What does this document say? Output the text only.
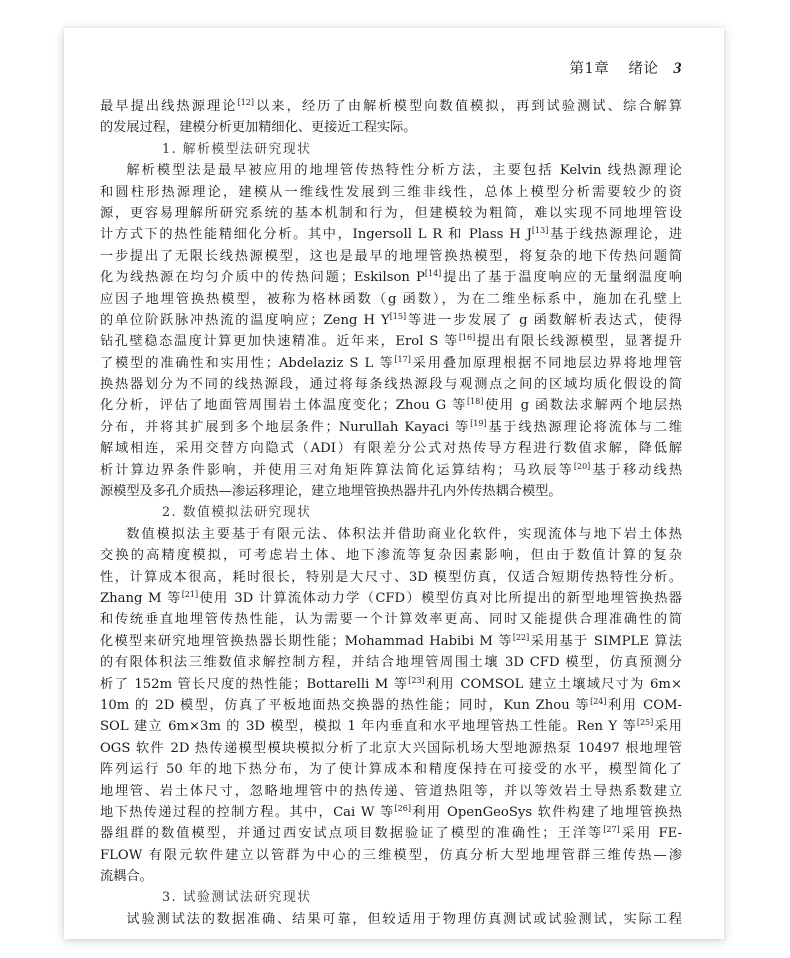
第1章 绪论 3
最早提出线热源理论[12]以来，经历了由解析模型向数值模拟，再到试验测试、综合解算
的发展过程，建模分析更加精细化、更接近工程实际。
1. 解析模型法研究现状
解析模型法是最早被应用的地埋管传热特性分析方法，主要包括 Kelvin 线热源理论
和圆柱形热源理论，建模从一维线性发展到三维非线性，总体上模型分析需要较少的资
源，更容易理解所研究系统的基本机制和行为，但建模较为粗简，难以实现不同地埋管设
计方式下的热性能精细化分析。其中，Ingersoll L R 和 Plass H J[13]基于线热源理论，进
一步提出了无限长线热源模型，这也是最早的地埋管换热模型，将复杂的地下传热问题简
化为线热源在均匀介质中的传热问题；Eskilson P[14]提出了基于温度响应的无量纲温度响
应因子地埋管换热模型，被称为格林函数（g 函数），为在二维坐标系中，施加在孔壁上
的单位阶跃脉冲热流的温度响应；Zeng H Y[15]等进一步发展了 g 函数解析表达式，使得
钻孔壁稳态温度计算更加快速精准。近年来，Erol S 等[16]提出有限长线源模型，显著提升
了模型的准确性和实用性；Abdelaziz S L 等[17]采用叠加原理根据不同地层边界将地埋管
换热器划分为不同的线热源段，通过将每条线热源段与观测点之间的区域均质化假设的简
化分析，评估了地面管周围岩土体温度变化；Zhou G 等[18]使用 g 函数法求解两个地层热
分布，并将其扩展到多个地层条件；Nurullah Kayaci 等[19]基于线热源理论将流体与二维
解域相连，采用交替方向隐式（ADI）有限差分公式对热传导方程进行数值求解，降低解
析计算边界条件影响，并使用三对角矩阵算法简化运算结构；马玖辰等[20]基于移动线热
源模型及多孔介质热—渗运移理论，建立地埋管换热器井孔内外传热耦合模型。
2. 数值模拟法研究现状
数值模拟法主要基于有限元法、体积法并借助商业化软件，实现流体与地下岩土体热
交换的高精度模拟，可考虑岩土体、地下渗流等复杂因素影响，但由于数值计算的复杂
性，计算成本很高，耗时很长，特别是大尺寸、3D 模型仿真，仅适合短期传热特性分析。
Zhang M 等[21]使用 3D 计算流体动力学（CFD）模型仿真对比所提出的新型地埋管换热器
和传统垂直地埋管传热性能，认为需要一个计算效率更高、同时又能提供合理准确性的简
化模型来研究地埋管换热器长期性能；Mohammad Habibi M 等[22]采用基于 SIMPLE 算法
的有限体积法三维数值求解控制方程，并结合地埋管周围土壤 3D CFD 模型，仿真预测分
析了 152m 管长尺度的热性能；Bottarelli M 等[23]利用 COMSOL 建立土壤域尺寸为 6m×
10m 的 2D 模型，仿真了平板地面热交换器的热性能；同时，Kun Zhou 等[24]利用 COM-
SOL 建立 6m×3m 的 3D 模型，模拟 1 年内垂直和水平地埋管热工性能。Ren Y 等[25]采用
OGS 软件 2D 热传递模型模块模拟分析了北京大兴国际机场大型地源热泵 10497 根地埋管
阵列运行 50 年的地下热分布，为了使计算成本和精度保持在可接受的水平，模型简化了
地埋管、岩土体尺寸，忽略地埋管中的热传递、管道热阻等，并以等效岩土导热系数建立
地下热传递过程的控制方程。其中，Cai W 等[26]利用 OpenGeoSys 软件构建了地埋管换热
器组群的数值模型，并通过西安试点项目数据验证了模型的准确性；王洋等[27]采用 FE-
FLOW 有限元软件建立以管群为中心的三维模型，仿真分析大型地埋管群三维传热—渗
流耦合。
3. 试验测试法研究现状
试验测试法的数据准确、结果可靠，但较适用于物理仿真测试或试验测试，实际工程
